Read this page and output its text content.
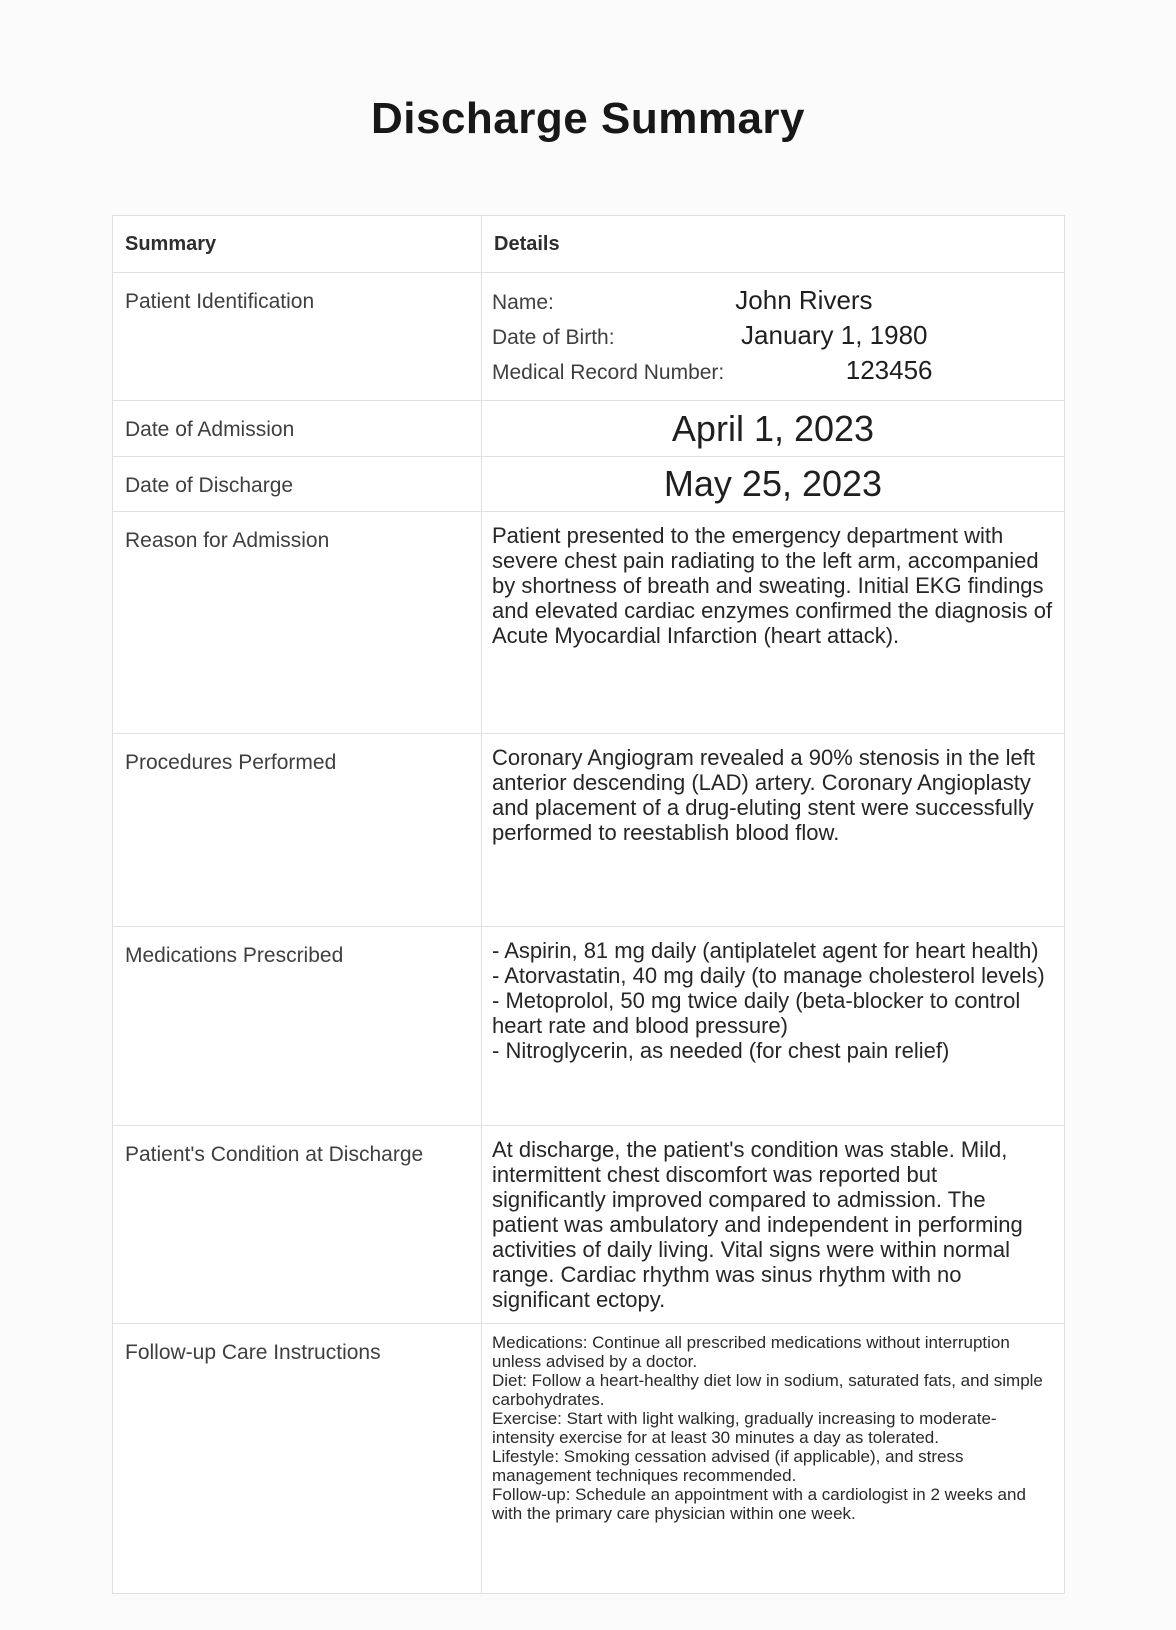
Discharge Summary
Summary	Details
Patient Identification	Name:	John Rivers
Date of Birth:	January 1, 1980
Medical Record Number:	123456

Date of Admission	April 1, 2023
Date of Discharge	May 25, 2023
Reason for Admission	Patient presented to the emergency department with severe chest pain radiating to the left arm, accompanied by shortness of breath and sweating. Initial EKG findings and elevated cardiac enzymes confirmed the diagnosis of Acute Myocardial Infarction (heart attack).

Procedures Performed	Coronary Angiogram revealed a 90% stenosis in the left anterior descending (LAD) artery. Coronary Angioplasty and placement of a drug-eluting stent were successfully performed to reestablish blood flow.

Medications Prescribed	- Aspirin, 81 mg daily (antiplatelet agent for heart health)
- Atorvastatin, 40 mg daily (to manage cholesterol levels)
- Metoprolol, 50 mg twice daily (beta-blocker to control heart rate and blood pressure)
- Nitroglycerin, as needed (for chest pain relief)

Patient's Condition at Discharge	At discharge, the patient's condition was stable. Mild, intermittent chest discomfort was reported but significantly improved compared to admission. The patient was ambulatory and independent in performing activities of daily living. Vital signs were within normal range. Cardiac rhythm was sinus rhythm with no significant ectopy.

Follow-up Care Instructions	Medications: Continue all prescribed medications without interruption unless advised by a doctor.
Diet: Follow a heart-healthy diet low in sodium, saturated fats, and simple carbohydrates.
Exercise: Start with light walking, gradually increasing to moderate-intensity exercise for at least 30 minutes a day as tolerated.
Lifestyle: Smoking cessation advised (if applicable), and stress management techniques recommended.
Follow-up: Schedule an appointment with a cardiologist in 2 weeks and with the primary care physician within one week.
